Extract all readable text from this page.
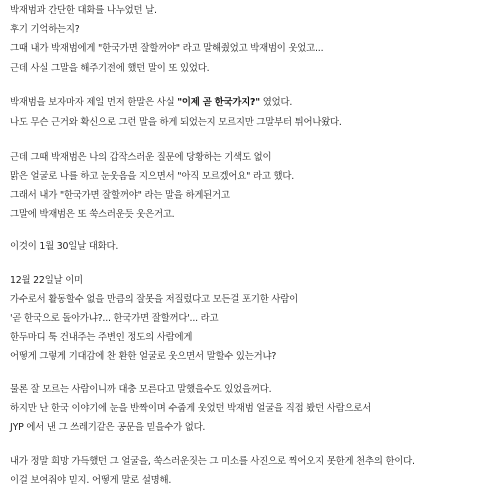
박재범과 간단한 대화를 나누었던 날.
후기 기억하는지?
그때 내가 박재범에게 "한국가면 잘할꺼야" 라고 말해줬었고 박재범이 웃었고...
근데 사실 그말을 해주기전에 했던 말이 또 있었다.
박재범을 보자마자 제일 먼저 한말은 사실 "이제 곧 한국가지?" 였었다.
나도 무슨 근거와 확신으로 그런 말을 하게 되었는지 모르지만 그말부터 튀어나왔다.
근데 그때 박재범은 나의 갑작스러운 질문에 당황하는 기색도 없이
맑은 얼굴로 나를 하고 눈웃음을 지으면서 "아직 모르겠어요" 라고 했다.
그래서 내가 "한국가면 잘할꺼야" 라는 말을 하게된거고
그말에 박재범은 또 쑥스러운듯 웃은거고.
이것이 1월 30일날 대화다.
12월 22일날 이미
가수로서 활동할수 없을 만큼의 잘못을 저질렀다고 모든걸 포기한 사람이
'곧 한국으로 돌아가냐?... 한국가면 잘할꺼다'... 라고
한두마디 툭 건내주는 주변인 정도의 사람에게
어떻게 그렇게 기대감에 찬 환한 얼굴로 웃으면서 말할수 있는거냐?
물론 잘 모르는 사람이니까 대충 모른다고 말했을수도 있었을꺼다.
하지만 난 한국 이야기에 눈을 반짝이며 수줍게 웃었던 박재범 얼굴을 직접 봤던 사람으로서
JYP 에서 낸 그 쓰레기같은 공문을 믿을수가 없다.
내가 정말 희망 가득했던 그 얼굴을, 쑥스러운짓는 그 미소를 사진으로 찍어오지 못한게 천추의 한이다.
이걸 보여줘야 믿지. 어떻게 말로 설명해.
